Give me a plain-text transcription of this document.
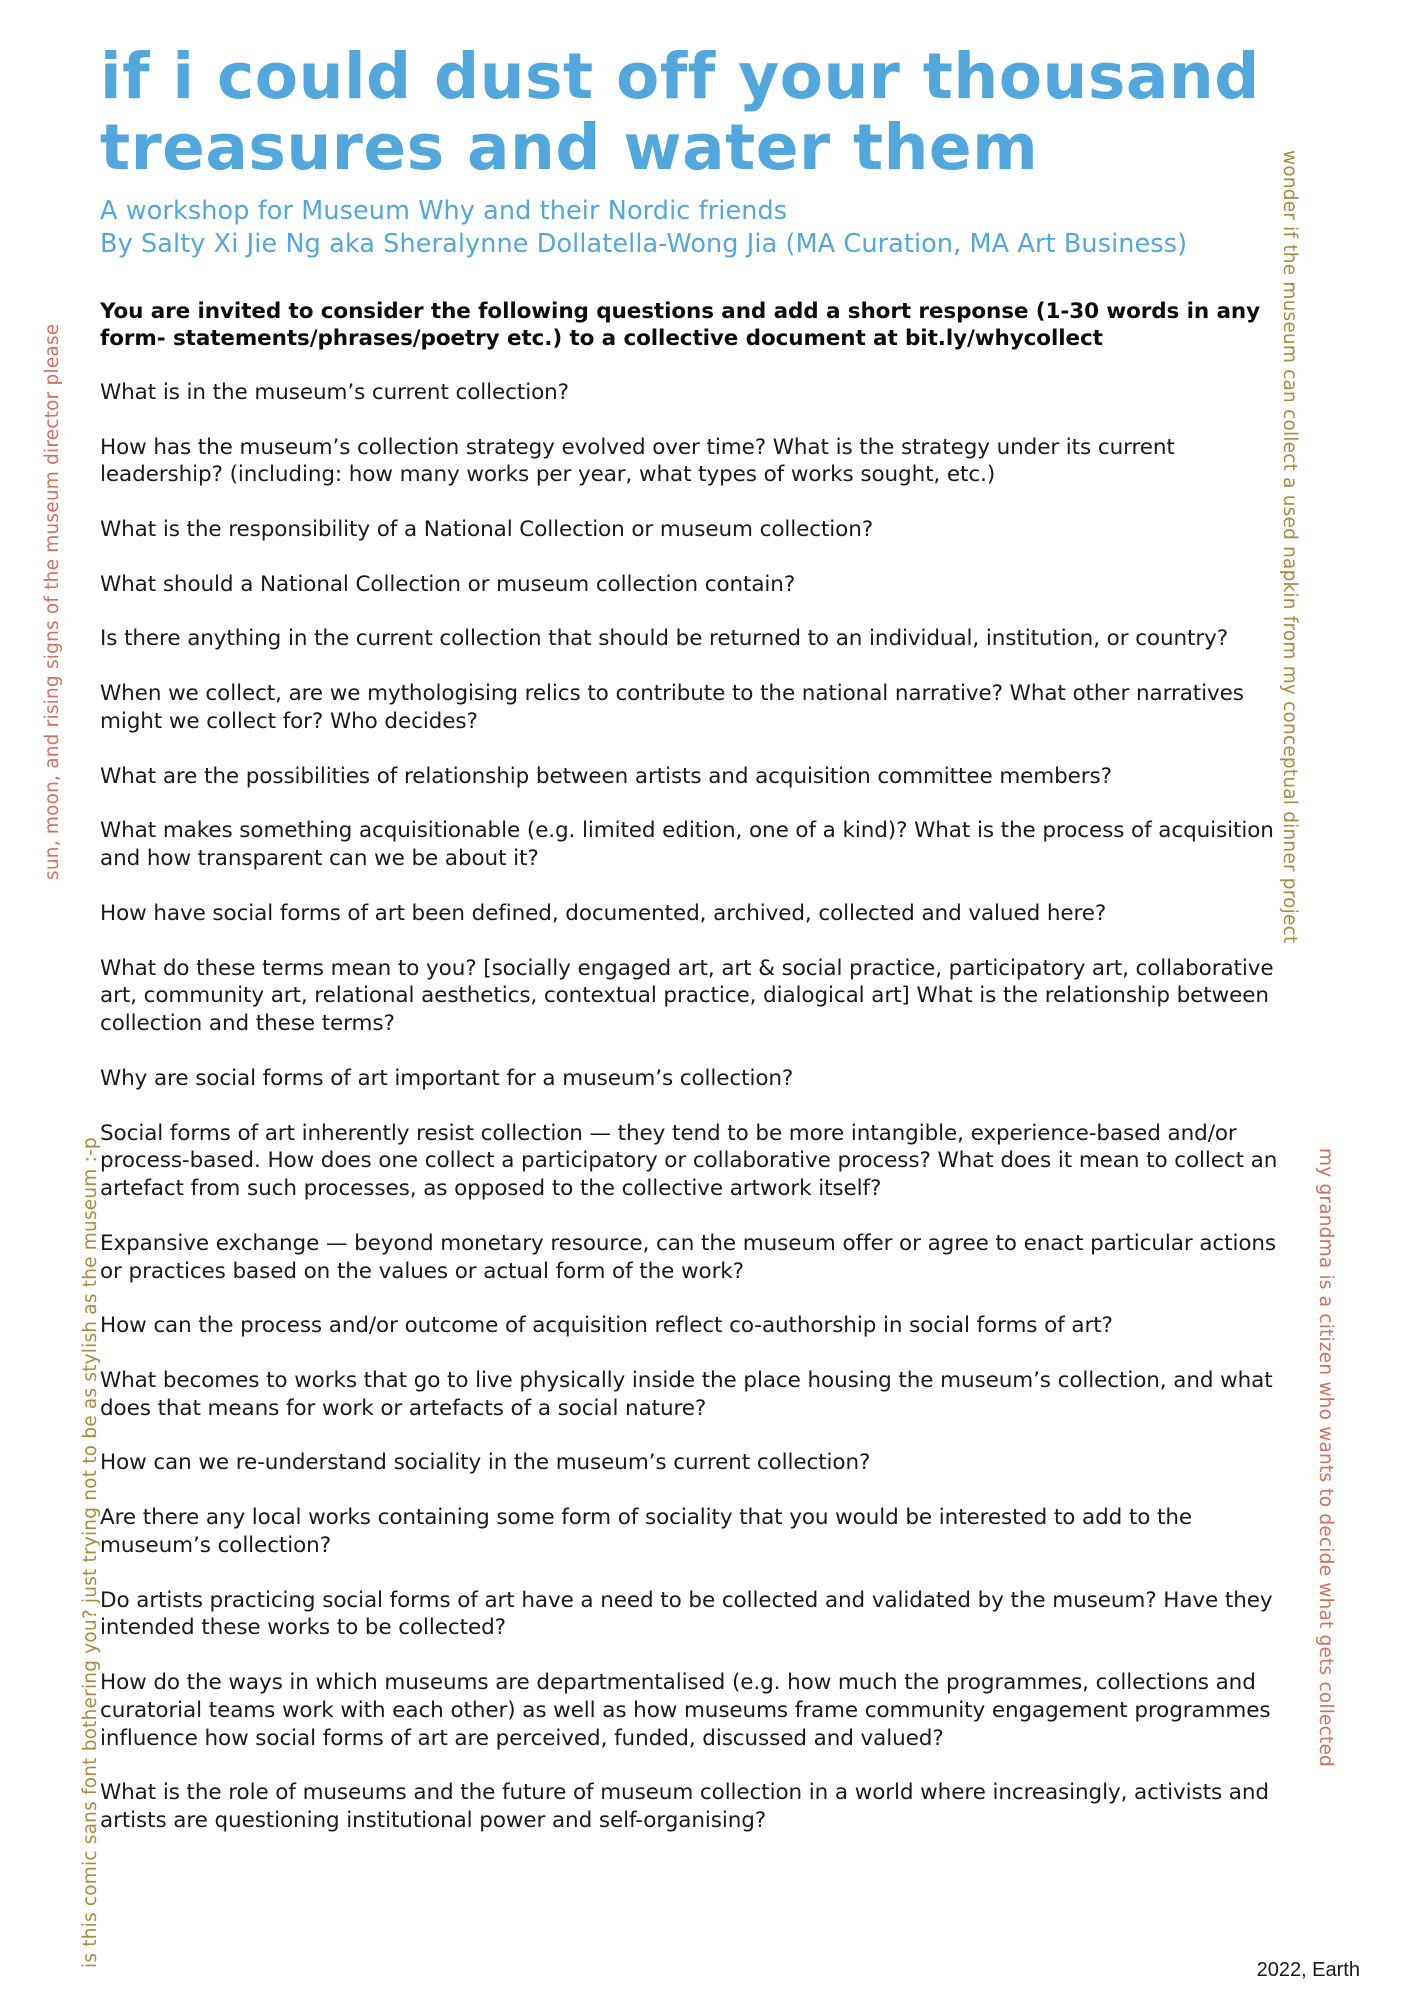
if i could dust off your thousand treasures and water them

A workshop for Museum Why and their Nordic friends

By Salty Xi Jie Ng aka Sheralynne Dollatella-Wong Jia (MA Curation, MA Art Business)

You are invited to consider the following questions and add a short response (1-30 words in any form- statements/phrases/poetry etc.) to a collective document at bit.ly/whycollect

What is in the museum’s current collection?

How has the museum’s collection strategy evolved over time? What is the strategy under its current leadership? (including: how many works per year, what types of works sought, etc.)

What is the responsibility of a National Collection or museum collection?

What should a National Collection or museum collection contain?

Is there anything in the current collection that should be returned to an individual, institution, or country?

When we collect, are we mythologising relics to contribute to the national narrative? What other narratives might we collect for? Who decides?

What are the possibilities of relationship between artists and acquisition committee members?

What makes something acquisitionable (e.g. limited edition, one of a kind)? What is the process of acquisition and how transparent can we be about it?

How have social forms of art been defined, documented, archived, collected and valued here?

What do these terms mean to you? [socially engaged art, art & social practice, participatory art, collaborative art, community art, relational aesthetics, contextual practice, dialogical art] What is the relationship between collection and these terms?

Why are social forms of art important for a museum’s collection?

Social forms of art inherently resist collection — they tend to be more intangible, experience-based and/or process-based. How does one collect a participatory or collaborative process? What does it mean to collect an artefact from such processes, as opposed to the collective artwork itself?

Expansive exchange — beyond monetary resource, can the museum offer or agree to enact particular actions or practices based on the values or actual form of the work?

How can the process and/or outcome of acquisition reflect co-authorship in social forms of art?

What becomes to works that go to live physically inside the place housing the museum’s collection, and what does that means for work or artefacts of a social nature?

How can we re-understand sociality in the museum’s current collection?

Are there any local works containing some form of sociality that you would be interested to add to the museum’s collection?

Do artists practicing social forms of art have a need to be collected and validated by the museum? Have they intended these works to be collected?

How do the ways in which museums are departmentalised (e.g. how much the programmes, collections and curatorial teams work with each other) as well as how museums frame community engagement programmes influence how social forms of art are perceived, funded, discussed and valued?

What is the role of museums and the future of museum collection in a world where increasingly, activists and artists are questioning institutional power and self-organising?

sun, moon, and rising signs of the museum director please
is this comic sans font bothering you? just trying not to be as stylish as the museum :-p
wonder if the museum can collect a used napkin from my conceptual dinner project
my grandma is a citizen who wants to decide what gets collected
2022, Earth
